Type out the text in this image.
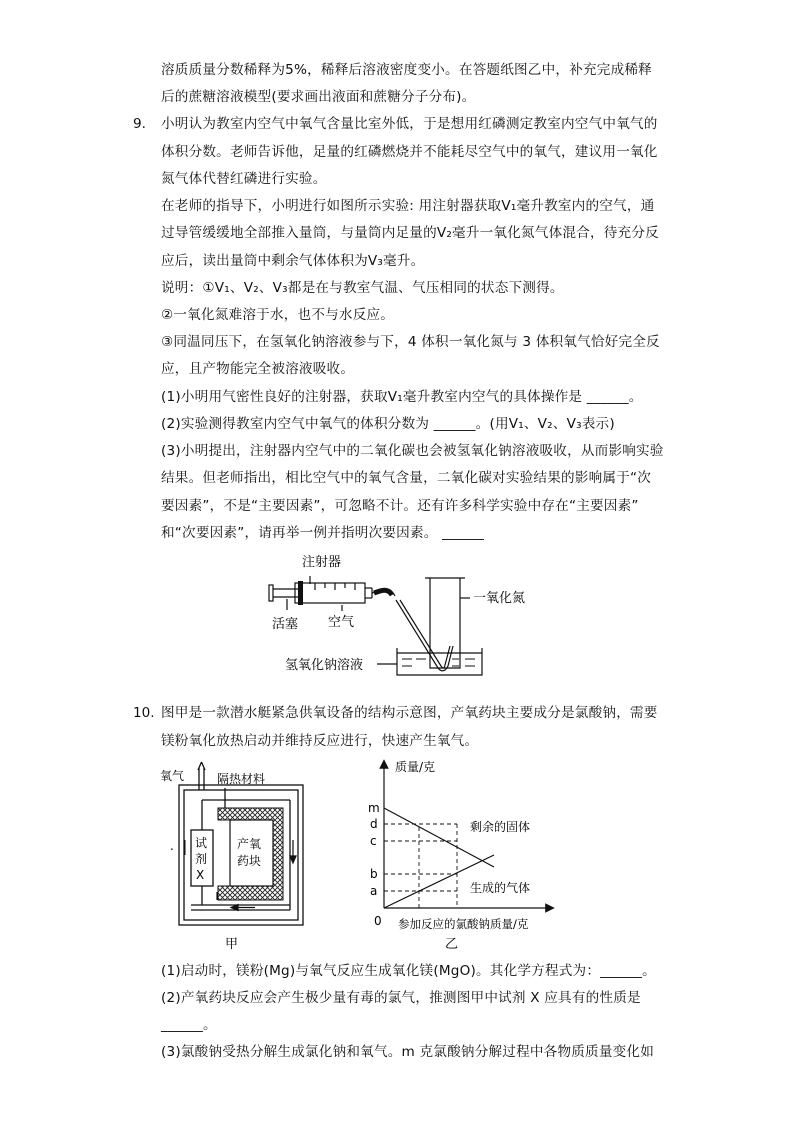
溶质质量分数稀释为5%，稀释后溶液密度变小。在答题纸图乙中，补充完成稀释
后的蔗糖溶液模型(要求画出液面和蔗糖分子分布)。
9. 小明认为教室内空气中氧气含量比室外低，于是想用红磷测定教室内空气中氧气的
体积分数。老师告诉他，足量的红磷燃烧并不能耗尽空气中的氧气，建议用一氧化
氮气体代替红磷进行实验。
在老师的指导下，小明进行如图所示实验: 用注射器获取V₁毫升教室内的空气，通
过导管缓缓地全部推入量筒，与量筒内足量的V₂毫升一氧化氮气体混合，待充分反
应后，读出量筒中剩余气体体积为V₃毫升。
说明：①V₁、V₂、V₃都是在与教室气温、气压相同的状态下测得。
②一氧化氮难溶于水，也不与水反应。
③同温同压下，在氢氧化钠溶液参与下，4 体积一氧化氮与 3 体积氧气恰好完全反
应，且产物能完全被溶液吸收。
(1)小明用气密性良好的注射器，获取V₁毫升教室内空气的具体操作是 ______。
(2)实验测得教室内空气中氧气的体积分数为 ______。(用V₁、V₂、V₃表示)
(3)小明提出，注射器内空气中的二氧化碳也会被氢氧化钠溶液吸收，从而影响实验
结果。但老师指出，相比空气中的氧气含量，二氧化碳对实验结果的影响属于“次
要因素”，不是“主要因素”，可忽略不计。还有许多科学实验中存在“主要因素”
和“次要因素”，请再举一例并指明次要因素。 ______
注射器
一氧化氮
活塞 空气
氢氧化钠溶液
10. 图甲是一款潜水艇紧急供氧设备的结构示意图，产氧药块主要成分是氯酸钠，需要
镁粉氧化放热启动并维持反应进行，快速产生氧气。
氧气	隔热材料
试
剂
X
产氧
药块
.
甲
质量/克
m
d
c
b
a
0 参加反应的氯酸钠质量/克
剩余的固体
生成的气体
乙
(1)启动时，镁粉(Mg)与氧气反应生成氧化镁(MgO)。其化学方程式为：______。
(2)产氧药块反应会产生极少量有毒的氯气，推测图甲中试剂 X 应具有的性质是
______。
(3)氯酸钠受热分解生成氯化钠和氧气。m 克氯酸钠分解过程中各物质质量变化如
